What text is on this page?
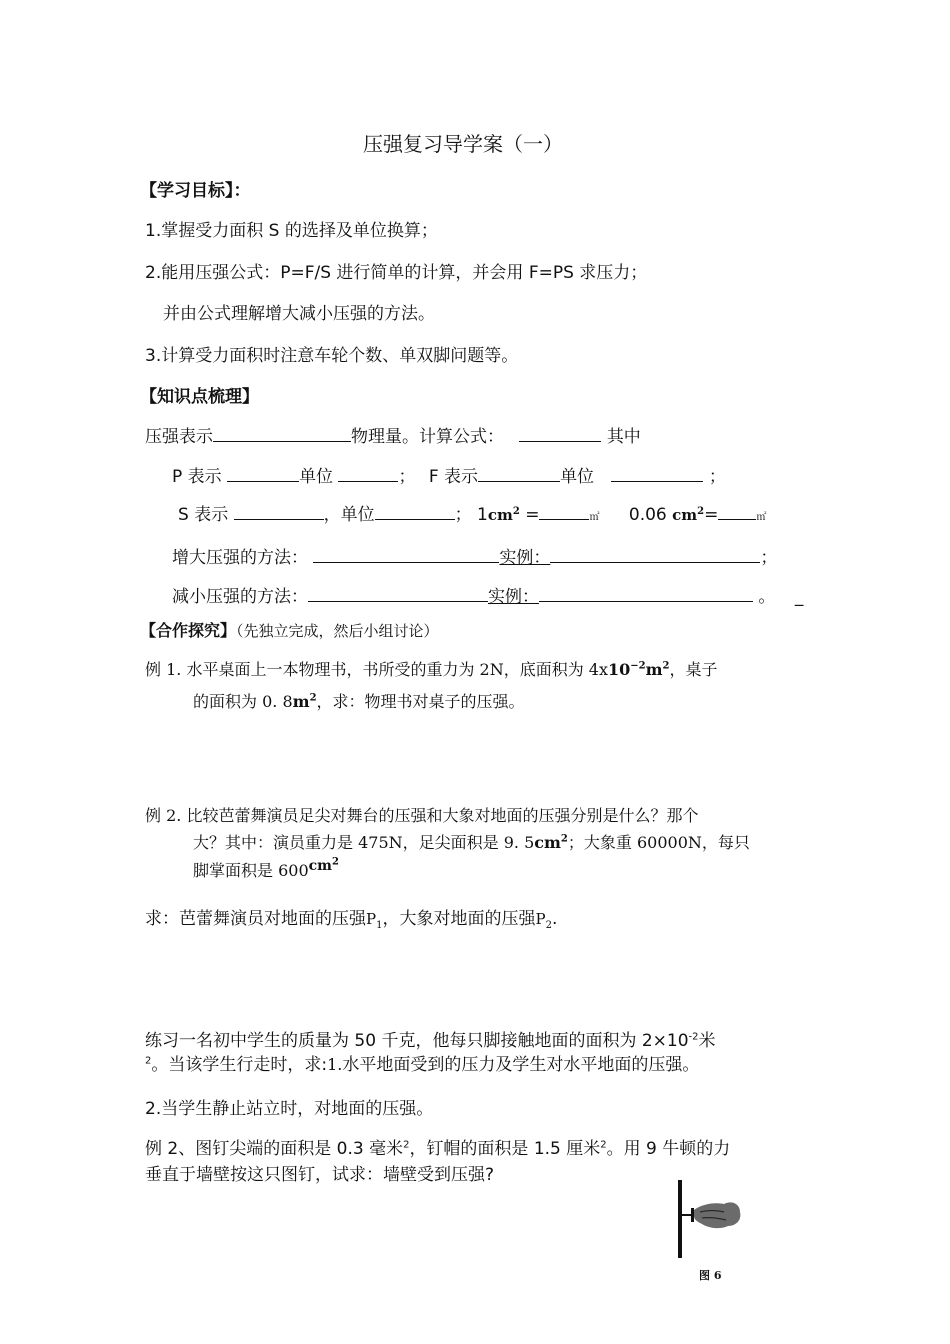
压强复习导学案（一）
【学习目标】：
1.掌握受力面积 S 的选择及单位换算；
2.能用压强公式：P=F/S 进行简单的计算，并会用 F=PS 求压力；
并由公式理解增大减小压强的方法。
3.计算受力面积时注意车轮个数、单双脚问题等。
【知识点梳理】
压强表示	物理量。计算公式：	其中
P 表示	单位	； F 表示	单位	；
S 表示	，单位	； $1cm^2$ =	㎡ 0.06 $cm^2=$	㎡
增大压强的方法：	实例：	；
减小压强的方法：	实例：	。 _
【合作探究】（先独立完成，然后小组讨论）
例 1. 水平桌面上一本物理书，书所受的重力为 2N，底面积为 $4x10^{-2}m^2$，桌子
的面积为 0. $8m^2$，求：物理书对桌子的压强。
例 2. 比较芭蕾舞演员足尖对舞台的压强和大象对地面的压强分别是什么？那个
大？其中：演员重力是 475N，足尖面积是 9. $5cm^2$；大象重 60000N，每只
脚掌面积是 $600cm^2$
求：芭蕾舞演员对地面的压强$P_1$，大象对地面的压强$P_2$.
练习一名初中学生的质量为 50 千克，他每只脚接触地面的面积为 $2\times 10^{-2}$米
$^2$。当该学生行走时，求:1.水平地面受到的压力及学生对水平地面的压强。
2.当学生静止站立时，对地面的压强。
例 2、图钉尖端的面积是 0.3 毫米$^2$，钉帽的面积是 1.5 厘米$^2$。用 9 牛顿的力
垂直于墙壁按这只图钉，试求：墙壁受到压强?
图 6
